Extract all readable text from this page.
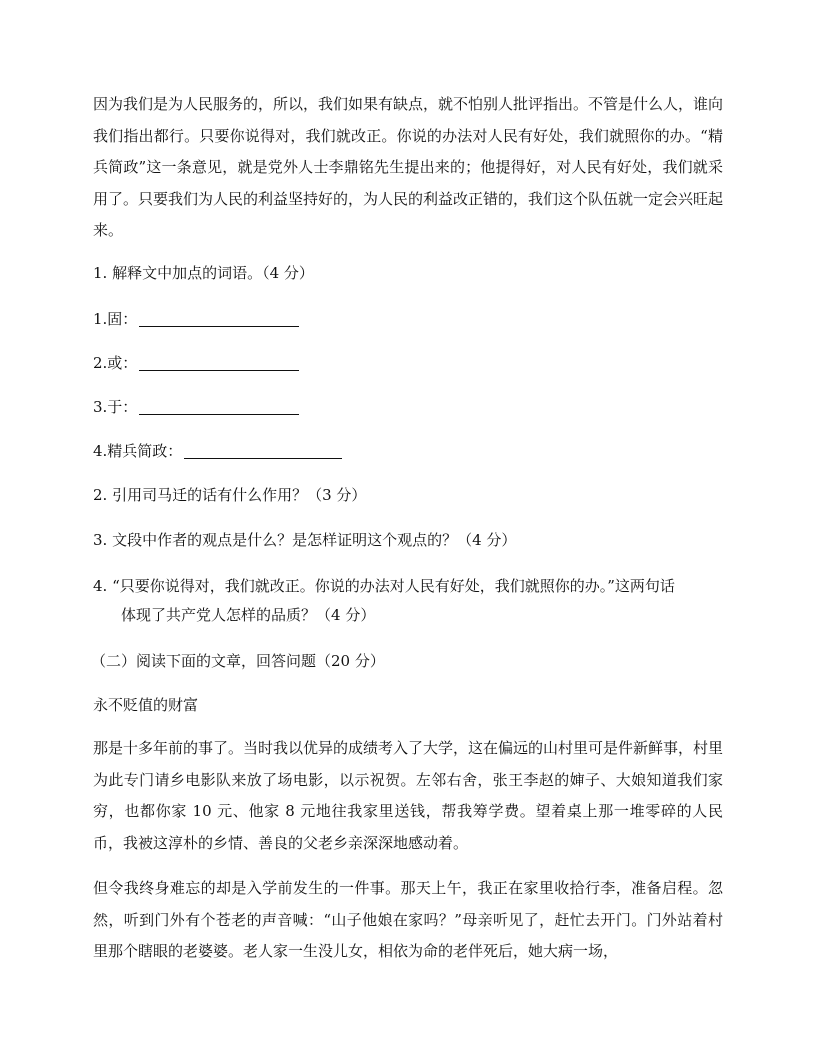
因为我们是为人民服务的，所以，我们如果有缺点，就不怕别人批评指出。不管是什么人，谁向我们指出都行。只要你说得对，我们就改正。你说的办法对人民有好处，我们就照你的办。“精兵简政”这一条意见，就是党外人士李鼎铭先生提出来的；他提得好，对人民有好处，我们就采用了。只要我们为人民的利益坚持好的，为人民的利益改正错的，我们这个队伍就一定会兴旺起来。

1. 解释文中加点的词语。（4 分）

1.固：

2.或：

3.于：

4.精兵简政：

2. 引用司马迁的话有什么作用？（3 分）

3. 文段中作者的观点是什么？是怎样证明这个观点的？（4 分）

4. “只要你说得对，我们就改正。你说的办法对人民有好处，我们就照你的办。”这两句话
体现了共产党人怎样的品质？（4 分）

（二）阅读下面的文章，回答问题（20 分）

永不贬值的财富

那是十多年前的事了。当时我以优异的成绩考入了大学，这在偏远的山村里可是件新鲜事，村里为此专门请乡电影队来放了场电影，以示祝贺。左邻右舍，张王李赵的婶子、大娘知道我们家穷，也都你家 10 元、他家 8 元地往我家里送钱，帮我筹学费。望着桌上那一堆零碎的人民币，我被这淳朴的乡情、善良的父老乡亲深深地感动着。

但令我终身难忘的却是入学前发生的一件事。那天上午，我正在家里收拾行李，准备启程。忽然，听到门外有个苍老的声音喊：“山子他娘在家吗？”母亲听见了，赶忙去开门。门外站着村里那个瞎眼的老婆婆。老人家一生没儿女，相依为命的老伴死后，她大病一场，
